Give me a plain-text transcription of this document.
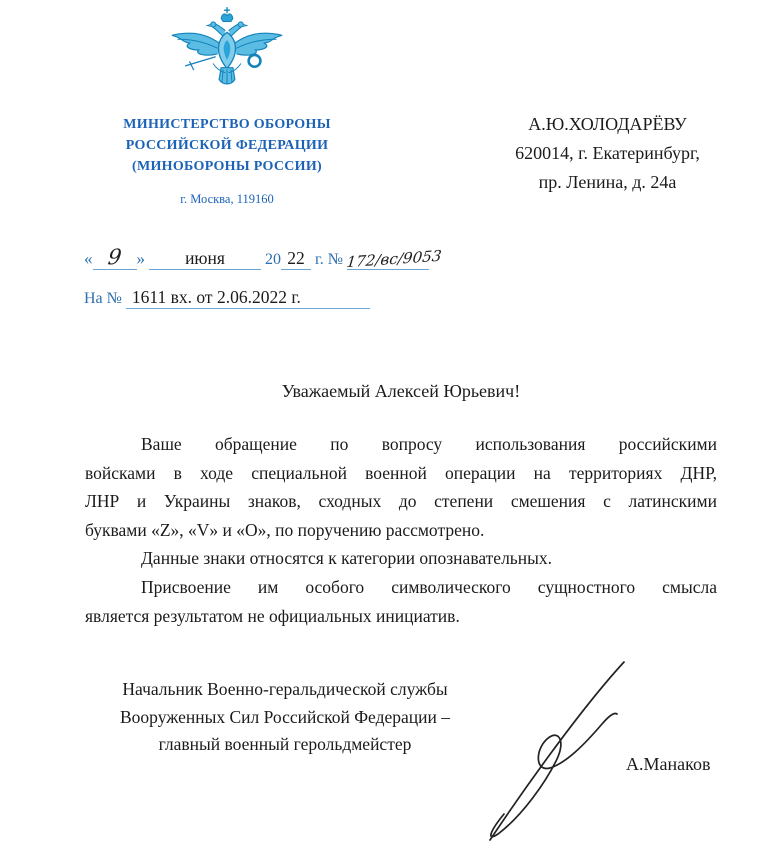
МИНИСТЕРСТВО ОБОРОНЫ
РОССИЙСКОЙ ФЕДЕРАЦИИ
(МИНОБОРОНЫ РОССИИ)
г. Москва, 119160
А.Ю.ХОЛОДАРЁВУ
620014, г. Екатеринбург,
пр. Ленина, д. 24а
« 9 » июня	20 22 г. № 172/вс/9053
На № 1611 вх. от 2.06.2022 г.
Уважаемый Алексей Юрьевич!
Ваше обращение по вопросу использования российскими
войсками в ходе специальной военной операции на территориях ДНР,
ЛНР и Украины знаков, сходных до степени смешения с латинскими
буквами «Z», «V» и «O», по поручению рассмотрено.
Данные знаки относятся к категории опознавательных.
Присвоение им особого символического сущностного смысла
является результатом не официальных инициатив.
Начальник Военно-геральдической службы
Вооруженных Сил Российской Федерации –
главный военный герольдмейстер
А.Манаков
